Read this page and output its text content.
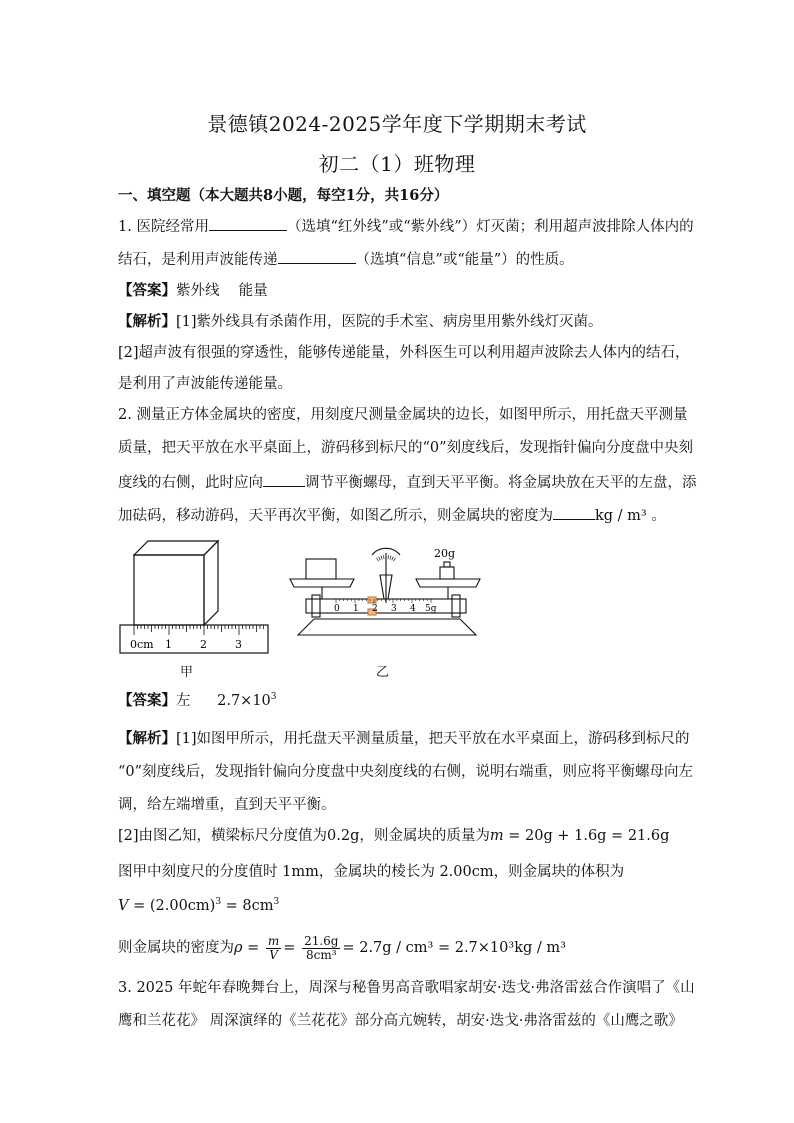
景德镇2024-2025学年度下学期期末考试
初二（1）班物理
一、填空题（本大题共8小题，每空1分，共16分）
1. 医院经常用	（选填“红外线”或“紫外线”）灯灭菌；利用超声波排除人体内的
结石，是利用声波能传递	（选填“信息”或“能量”）的性质。
【答案】紫外线　 能量
【解析】[1]紫外线具有杀菌作用，医院的手术室、病房里用紫外线灯灭菌。
[2]超声波有很强的穿透性，能够传递能量，外科医生可以利用超声波除去人体内的结石，
是利用了声波能传递能量。
2. 测量正方体金属块的密度，用刻度尺测量金属块的边长，如图甲所示，用托盘天平测量
质量，把天平放在水平桌面上，游码移到标尺的“0”刻度线后，发现指针偏向分度盘中央刻
度线的右侧，此时应向	调节平衡螺母，直到天平平衡。将金属块放在天平的左盘，添
加砝码，移动游码，天平再次平衡，如图乙所示，则金属块的密度为	kg / m³ 。
0cm 1	2	3
甲
20g
0 1 2 3 4 5g
乙
【答案】左 $2.7\times 10^3$
【解析】[1]如图甲所示，用托盘天平测量质量，把天平放在水平桌面上，游码移到标尺的
“0”刻度线后，发现指针偏向分度盘中央刻度线的右侧，说明右端重，则应将平衡螺母向左
调，给左端增重，直到天平平衡。
[2]由图乙知，横梁标尺分度值为0.2g，则金属块的质量为m = 20g + 1.6g = 21.6g
图甲中刻度尺的分度值时 1mm，金属块的棱长为 2.00cm，则金属块的体积为
$V = (2.00cm)^3 = 8cm^3$
则金属块的密度为$\rho = \frac{m}{V} = \frac{21.6g}{\text{8cm³}} = 2.7g / cm^3 = 2.7\times 10^3kg / m^3$
3. 2025 年蛇年春晚舞台上，周深与秘鲁男高音歌唱家胡安·迭戈·弗洛雷兹合作演唱了《山
鹰和兰花花》 周深演绎的《兰花花》部分高亢婉转，胡安·迭戈·弗洛雷兹的《山鹰之歌》
